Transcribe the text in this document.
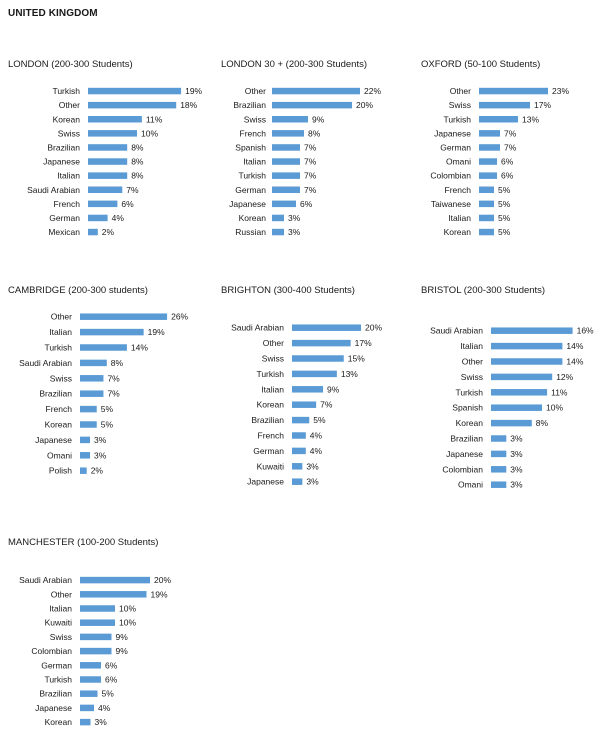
UNITED KINGDOM
LONDON (200-300 Students)
Turkish	19%
Other	18%
Korean	11%
Swiss	10%
Brazilian	8%
Japanese	8%
Italian	8%
Saudi Arabian	7%
French	6%
German	4%
Mexican	2%
LONDON 30 + (200-300 Students)
Other	22%
Brazilian	20%
Swiss	9%
French	8%
Spanish	7%
Italian	7%
Turkish	7%
German	7%
Japanese	6%
Korean	3%
Russian	3%
OXFORD (50-100 Students)
Other	23%
Swiss	17%
Turkish	13%
Japanese	7%
German	7%
Omani	6%
Colombian	6%
French	5%
Taiwanese	5%
Italian	5%
Korean	5%
CAMBRIDGE (200-300 students)
Other	26%
Italian	19%
Turkish	14%
Saudi Arabian	8%
Swiss	7%
Brazilian	7%
French	5%
Korean	5%
Japanese	3%
Omani	3%
Polish 2%
BRIGHTON (300-400 Students)
Saudi Arabian	20%
Other	17%
Swiss	15%
Turkish	13%
Italian	9%
Korean	7%
Brazilian	5%
French	4%
German	4%
Kuwaiti	3%
Japanese	3%
BRISTOL (200-300 Students)
Saudi Arabian	16%
Italian	14%
Other	14%
Swiss	12%
Turkish	11%
Spanish	10%
Korean	8%
Brazilian	3%
Japanese	3%
Colombian	3%
Omani	3%
MANCHESTER (100-200 Students)
Saudi Arabian	20%
Other	19%
Italian	10%
Kuwaiti	10%
Swiss	9%
Colombian	9%
German	6%
Turkish	6%
Brazilian	5%
Japanese	4%
Korean	3%
